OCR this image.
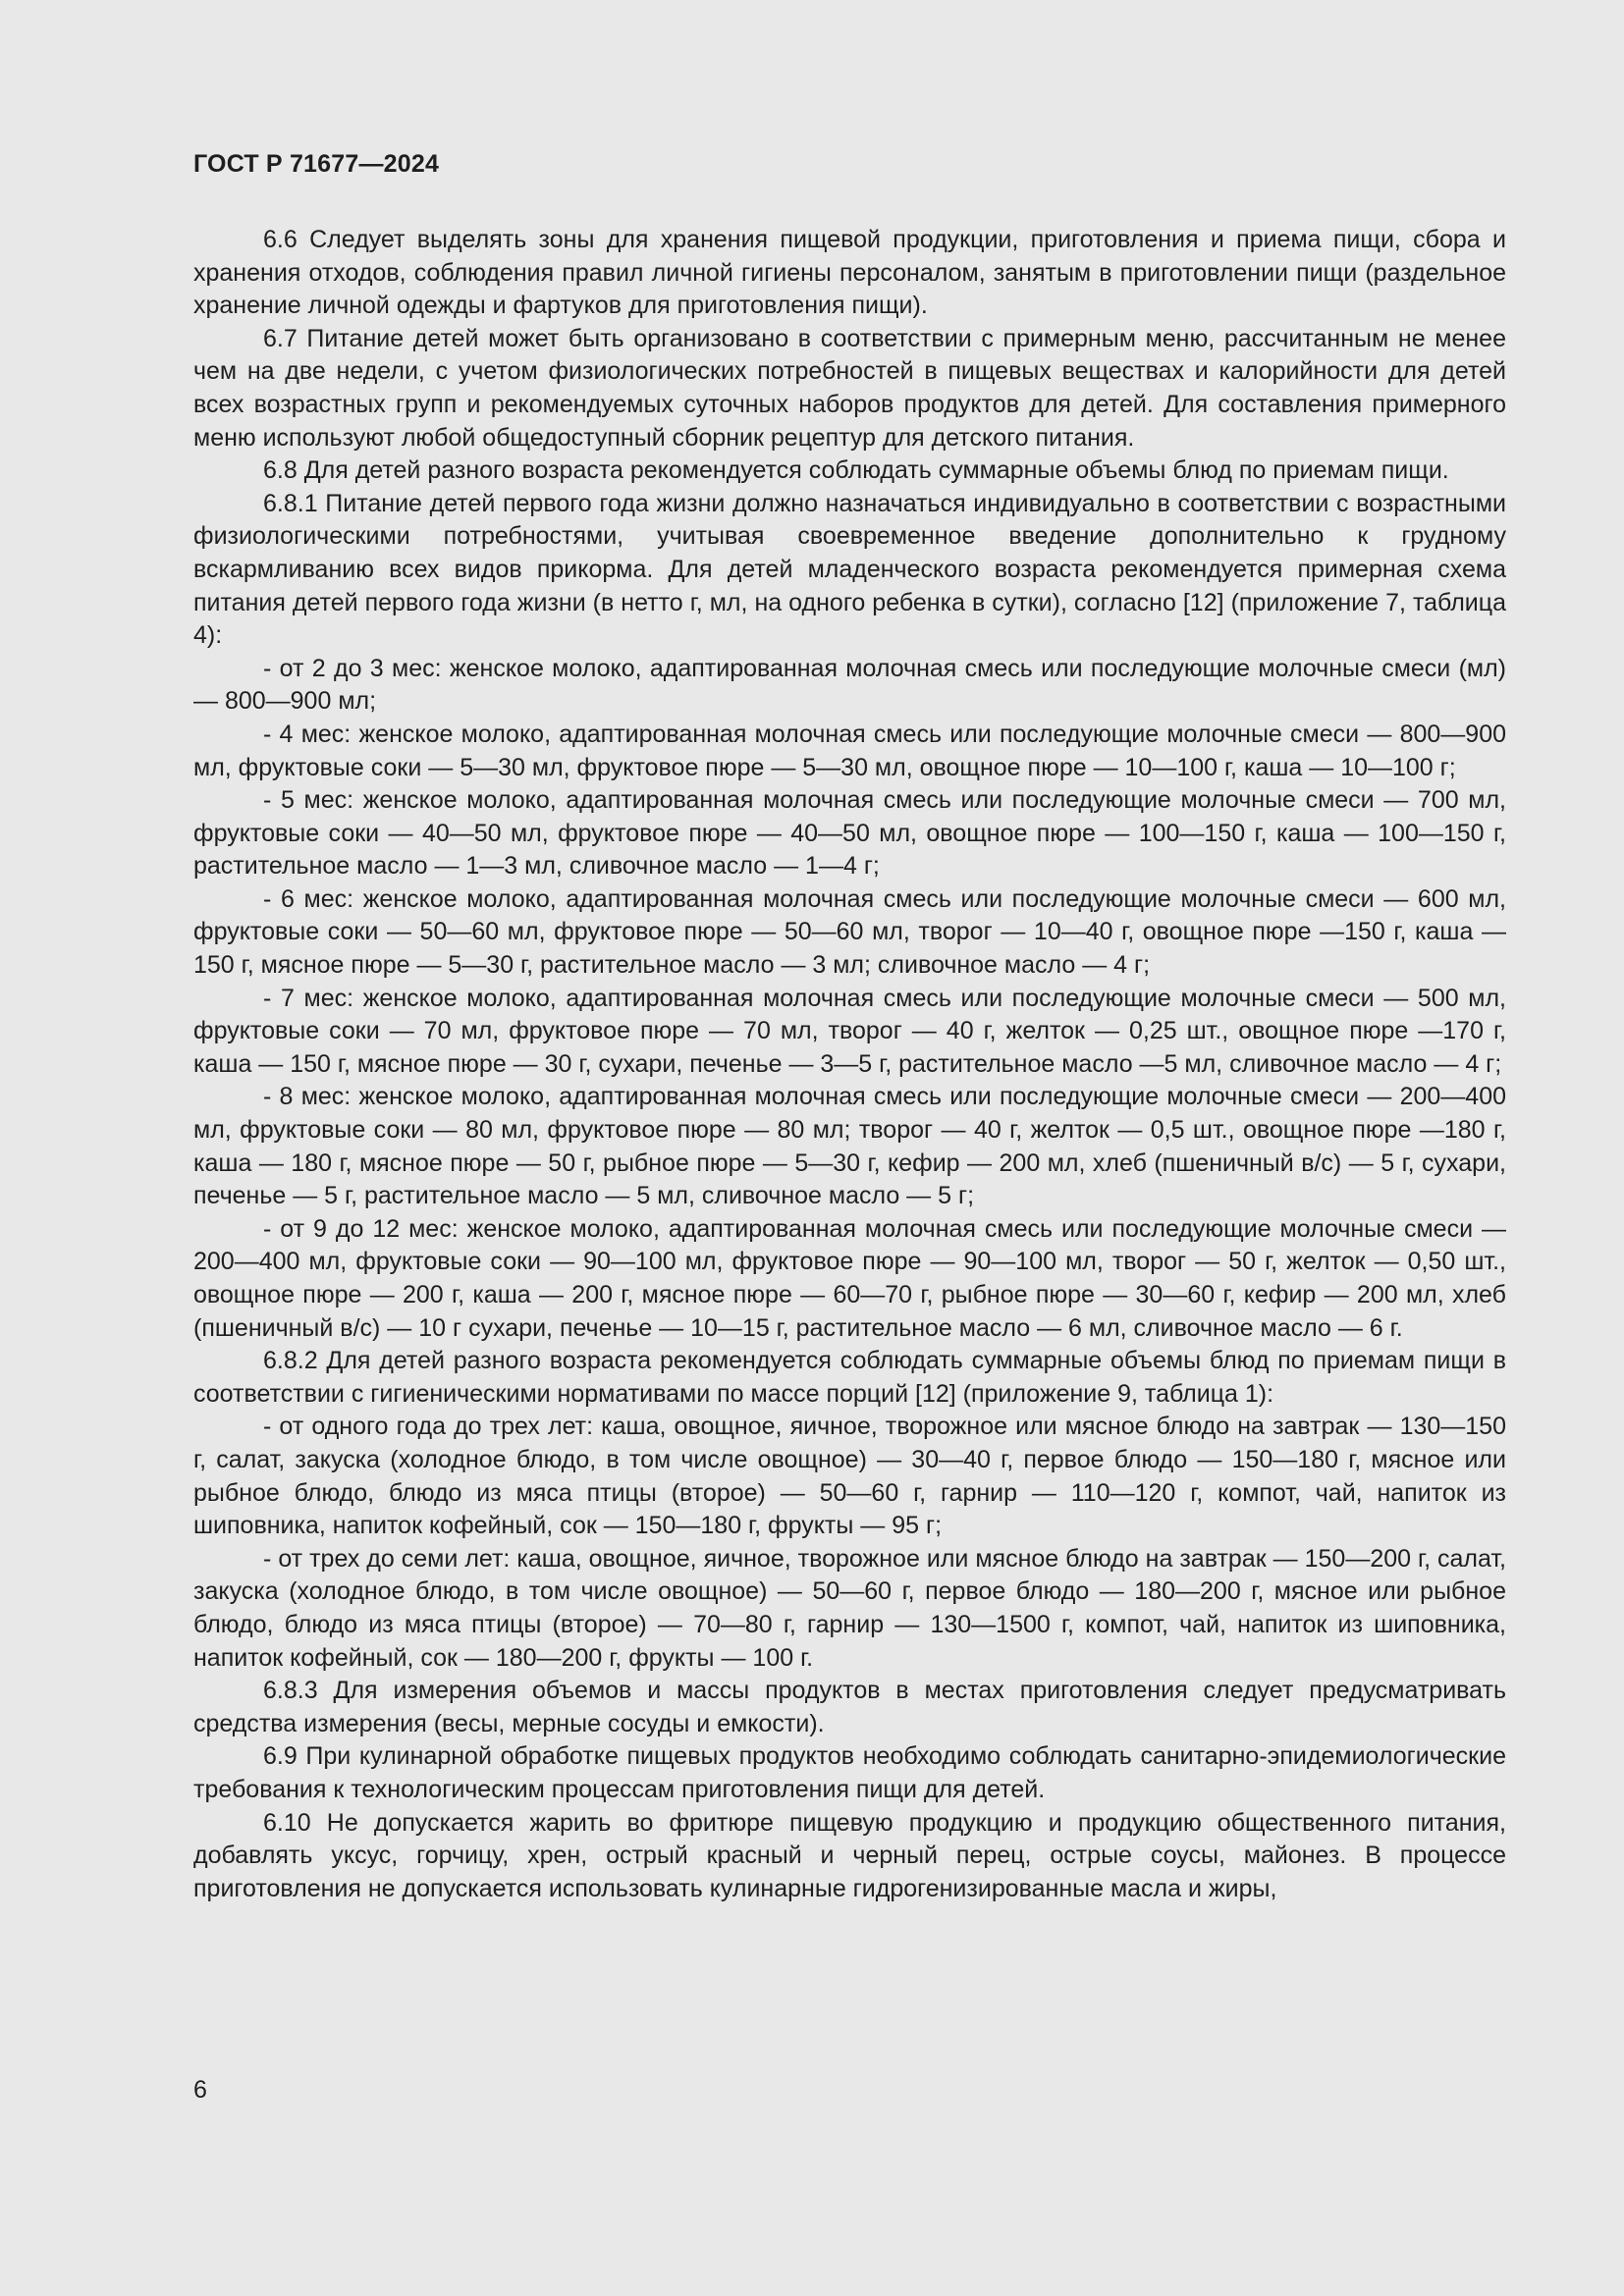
ГОСТ Р 71677—2024

6.6 Следует выделять зоны для хранения пищевой продукции, приготовления и приема пищи, сбора и хранения отходов, соблюдения правил личной гигиены персоналом, занятым в приготовлении пищи (раздельное хранение личной одежды и фартуков для приготовления пищи).

6.7 Питание детей может быть организовано в соответствии с примерным меню, рассчитанным не менее чем на две недели, с учетом физиологических потребностей в пищевых веществах и калорийности для детей всех возрастных групп и рекомендуемых суточных наборов продуктов для детей. Для составления примерного меню используют любой общедоступный сборник рецептур для детского питания.

6.8 Для детей разного возраста рекомендуется соблюдать суммарные объемы блюд по приемам пищи.

6.8.1 Питание детей первого года жизни должно назначаться индивидуально в соответствии с возрастными физиологическими потребностями, учитывая своевременное введение дополнительно к грудному вскармливанию всех видов прикорма. Для детей младенческого возраста рекомендуется примерная схема питания детей первого года жизни (в нетто г, мл, на одного ребенка в сутки), согласно [12] (приложение 7, таблица 4):

- от 2 до 3 мес: женское молоко, адаптированная молочная смесь или последующие молочные смеси (мл) — 800—900 мл;

- 4 мес: женское молоко, адаптированная молочная смесь или последующие молочные смеси — 800—900 мл, фруктовые соки — 5—30 мл, фруктовое пюре — 5—30 мл, овощное пюре — 10—100 г, каша — 10—100 г;

- 5 мес: женское молоко, адаптированная молочная смесь или последующие молочные смеси — 700 мл, фруктовые соки — 40—50 мл, фруктовое пюре — 40—50 мл, овощное пюре — 100—150 г, каша — 100—150 г, растительное масло — 1—3 мл, сливочное масло — 1—4 г;

- 6 мес: женское молоко, адаптированная молочная смесь или последующие молочные смеси — 600 мл, фруктовые соки — 50—60 мл, фруктовое пюре — 50—60 мл, творог — 10—40 г, овощное пюре —150 г, каша — 150 г, мясное пюре — 5—30 г, растительное масло — 3 мл; сливочное масло — 4 г;

- 7 мес: женское молоко, адаптированная молочная смесь или последующие молочные смеси — 500 мл, фруктовые соки — 70 мл, фруктовое пюре — 70 мл, творог — 40 г, желток — 0,25 шт., овощное пюре —170 г, каша — 150 г, мясное пюре — 30 г, сухари, печенье — 3—5 г, растительное масло —5 мл, сливочное масло — 4 г;

- 8 мес: женское молоко, адаптированная молочная смесь или последующие молочные смеси — 200—400 мл, фруктовые соки — 80 мл, фруктовое пюре — 80 мл; творог — 40 г, желток — 0,5 шт., овощное пюре —180 г, каша — 180 г, мясное пюре — 50 г, рыбное пюре — 5—30 г, кефир — 200 мл, хлеб (пшеничный в/с) — 5 г, сухари, печенье — 5 г, растительное масло — 5 мл, сливочное масло — 5 г;

- от 9 до 12 мес: женское молоко, адаптированная молочная смесь или последующие молочные смеси — 200—400 мл, фруктовые соки — 90—100 мл, фруктовое пюре — 90—100 мл, творог — 50 г, желток — 0,50 шт., овощное пюре — 200 г, каша — 200 г, мясное пюре — 60—70 г, рыбное пюре — 30—60 г, кефир — 200 мл, хлеб (пшеничный в/с) — 10 г сухари, печенье — 10—15 г, растительное масло — 6 мл, сливочное масло — 6 г.

6.8.2 Для детей разного возраста рекомендуется соблюдать суммарные объемы блюд по приемам пищи в соответствии с гигиеническими нормативами по массе порций [12] (приложение 9, таблица 1):

- от одного года до трех лет: каша, овощное, яичное, творожное или мясное блюдо на завтрак — 130—150 г, салат, закуска (холодное блюдо, в том числе овощное) — 30—40 г, первое блюдо — 150—180 г, мясное или рыбное блюдо, блюдо из мяса птицы (второе) — 50—60 г, гарнир — 110—120 г, компот, чай, напиток из шиповника, напиток кофейный, сок — 150—180 г, фрукты — 95 г;

- от трех до семи лет: каша, овощное, яичное, творожное или мясное блюдо на завтрак — 150—200 г, салат, закуска (холодное блюдо, в том числе овощное) — 50—60 г, первое блюдо — 180—200 г, мясное или рыбное блюдо, блюдо из мяса птицы (второе) — 70—80 г, гарнир — 130—1500 г, компот, чай, напиток из шиповника, напиток кофейный, сок — 180—200 г, фрукты — 100 г.

6.8.3 Для измерения объемов и массы продуктов в местах приготовления следует предусматривать средства измерения (весы, мерные сосуды и емкости).

6.9 При кулинарной обработке пищевых продуктов необходимо соблюдать санитарно-эпидемиологические требования к технологическим процессам приготовления пищи для детей.

6.10 Не допускается жарить во фритюре пищевую продукцию и продукцию общественного питания, добавлять уксус, горчицу, хрен, острый красный и черный перец, острые соусы, майонез. В процессе приготовления не допускается использовать кулинарные гидрогенизированные масла и жиры,

6
